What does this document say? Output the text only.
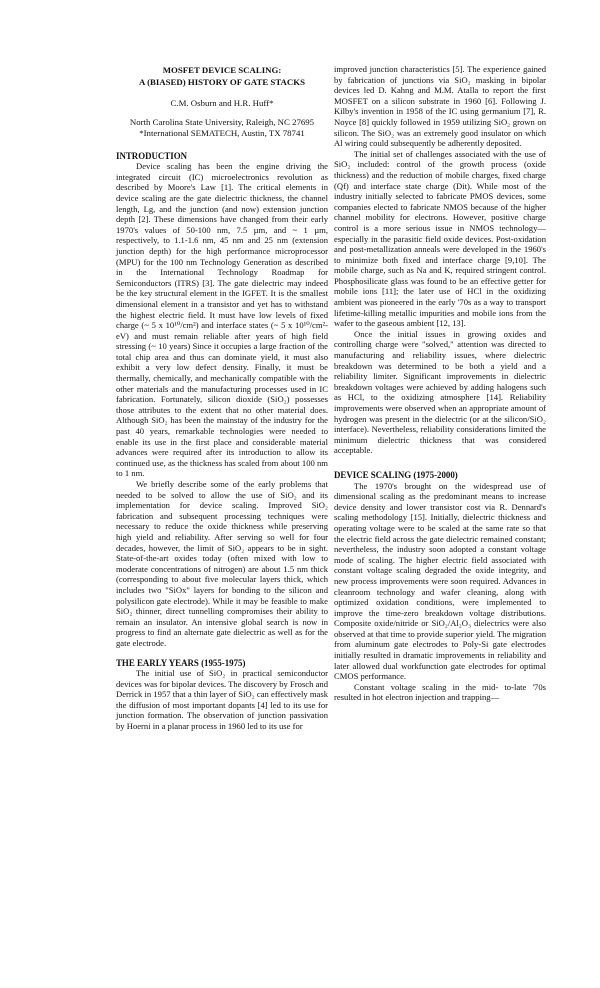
MOSFET DEVICE SCALING:

A (BIASED) HISTORY OF GATE STACKS

C.M. Osburn and H.R. Huff*

North Carolina State University, Raleigh, NC 27695

*International SEMATECH, Austin, TX 78741

INTRODUCTION

Device scaling has been the engine driving the integrated circuit (IC) microelectronics revolution as described by Moore's Law [1]. The critical elements in device scaling are the gate dielectric thickness, the channel length, Lg, and the junction (and now) extension junction depth [2]. These dimensions have changed from their early 1970's values of 50-100 nm, 7.5 µm, and ~ 1 µm, respectively, to 1.1-1.6 nm, 45 nm and 25 nm (extension junction depth) for the high performance microprocessor (MPU) for the 100 nm Technology Generation as described in the International Technology Roadmap for Semiconductors (ITRS) [3]. The gate dielectric may indeed be the key structural element in the IGFET. It is the smallest dimensional element in a transistor and yet has to withstand the highest electric field. It must have low levels of fixed charge (~ 5 x 10¹⁰/cm²) and interface states (~ 5 x 10¹⁰/cm²-eV) and must remain reliable after years of high field stressing (~ 10 years) Since it occupies a large fraction of the total chip area and thus can dominate yield, it must also exhibit a very low defect density. Finally, it must be thermally, chemically, and mechanically compatible with the other materials and the manufacturing processes used in IC fabrication. Fortunately, silicon dioxide (SiO₂) possesses those attributes to the extent that no other material does. Although SiO₂ has been the mainstay of the industry for the past 40 years, remarkable technologies were needed to enable its use in the first place and considerable material advances were required after its introduction to allow its continued use, as the thickness has scaled from about 100 nm to 1 nm.

We briefly describe some of the early problems that needed to be solved to allow the use of SiO₂ and its implementation for device scaling. Improved SiO₂ fabrication and subsequent processing techniques were necessary to reduce the oxide thickness while preserving high yield and reliability. After serving so well for four decades, however, the limit of SiO₂ appears to be in sight. State-of-the-art oxides today (often mixed with low to moderate concentrations of nitrogen) are about 1.5 nm thick (corresponding to about five molecular layers thick, which includes two "SiOx" layers for bonding to the silicon and polysilicon gate electrode). While it may be feasible to make SiO₂ thinner, direct tunnelling compromises their ability to remain an insulator. An intensive global search is now in progress to find an alternate gate dielectric as well as for the gate electrode.

THE EARLY YEARS (1955-1975)

The initial use of SiO₂ in practical semiconductor devices was for bipolar devices. The discovery by Frosch and Derrick in 1957 that a thin layer of SiO₂ can effectively mask the diffusion of most important dopants [4] led to its use for junction formation. The observation of junction passivation by Hoerni in a planar process in 1960 led to its use for

improved junction characteristics [5]. The experience gained by fabrication of junctions via SiO₂ masking in bipolar devices led D. Kahng and M.M. Atalla to report the first MOSFET on a silicon substrate in 1960 [6]. Following J. Kilby's invention in 1958 of the IC using germanium [7], R. Noyce [8] quickly followed in 1959 utilizing SiO₂ grown on silicon. The SiO₂ was an extremely good insulator on which Al wiring could subsequently be adherently deposited.

The initial set of challenges associated with the use of SiO₂ included: control of the growth process (oxide thickness) and the reduction of mobile charges, fixed charge (Qf) and interface state charge (Dit). While most of the industry initially selected to fabricate PMOS devices, some companies elected to fabricate NMOS because of the higher channel mobility for electrons. However, positive charge control is a more serious issue in NMOS technology—especially in the parasitic field oxide devices. Post-oxidation and post-metallization anneals were developed in the 1960's to minimize both fixed and interface charge [9,10]. The mobile charge, such as Na and K, required stringent control. Phosphosilicate glass was found to be an effective getter for mobile ions [11]; the later use of HCl in the oxidizing ambient was pioneered in the early '70s as a way to transport lifetime-killing metallic impurities and mobile ions from the wafer to the gaseous ambient [12, 13].

Once the initial issues in growing oxides and controlling charge were "solved," attention was directed to manufacturing and reliability issues, where dielectric breakdown was determined to be both a yield and a reliability limiter. Significant improvements in dielectric breakdown voltages were achieved by adding halogens such as HCl, to the oxidizing atmosphere [14]. Reliability improvements were observed when an appropriate amount of hydrogen was present in the dielectric (or at the silicon/SiO₂ interface). Nevertheless, reliability considerations limited the minimum dielectric thickness that was considered acceptable.

DEVICE SCALING (1975-2000)

The 1970's brought on the widespread use of dimensional scaling as the predominant means to increase device density and lower transistor cost via R. Dennard's scaling methodology [15]. Initially, dielectric thickness and operating voltage were to be scaled at the same rate so that the electric field across the gate dielectric remained constant; nevertheless, the industry soon adopted a constant voltage mode of scaling. The higher electric field associated with constant voltage scaling degraded the oxide integrity, and new process improvements were soon required. Advances in cleanroom technology and wafer cleaning, along with optimized oxidation conditions, were implemented to improve the time-zero breakdown voltage distributions. Composite oxide/nitride or SiO₂/Al₂O₃ dielectrics were also observed at that time to provide superior yield. The migration from aluminum gate electrodes to Poly-Si gate electrodes initially resulted in dramatic improvements in reliability and later allowed dual workfunction gate electrodes for optimal CMOS performance.

Constant voltage scaling in the mid- to-late '70s resulted in hot electron injection and trapping—
